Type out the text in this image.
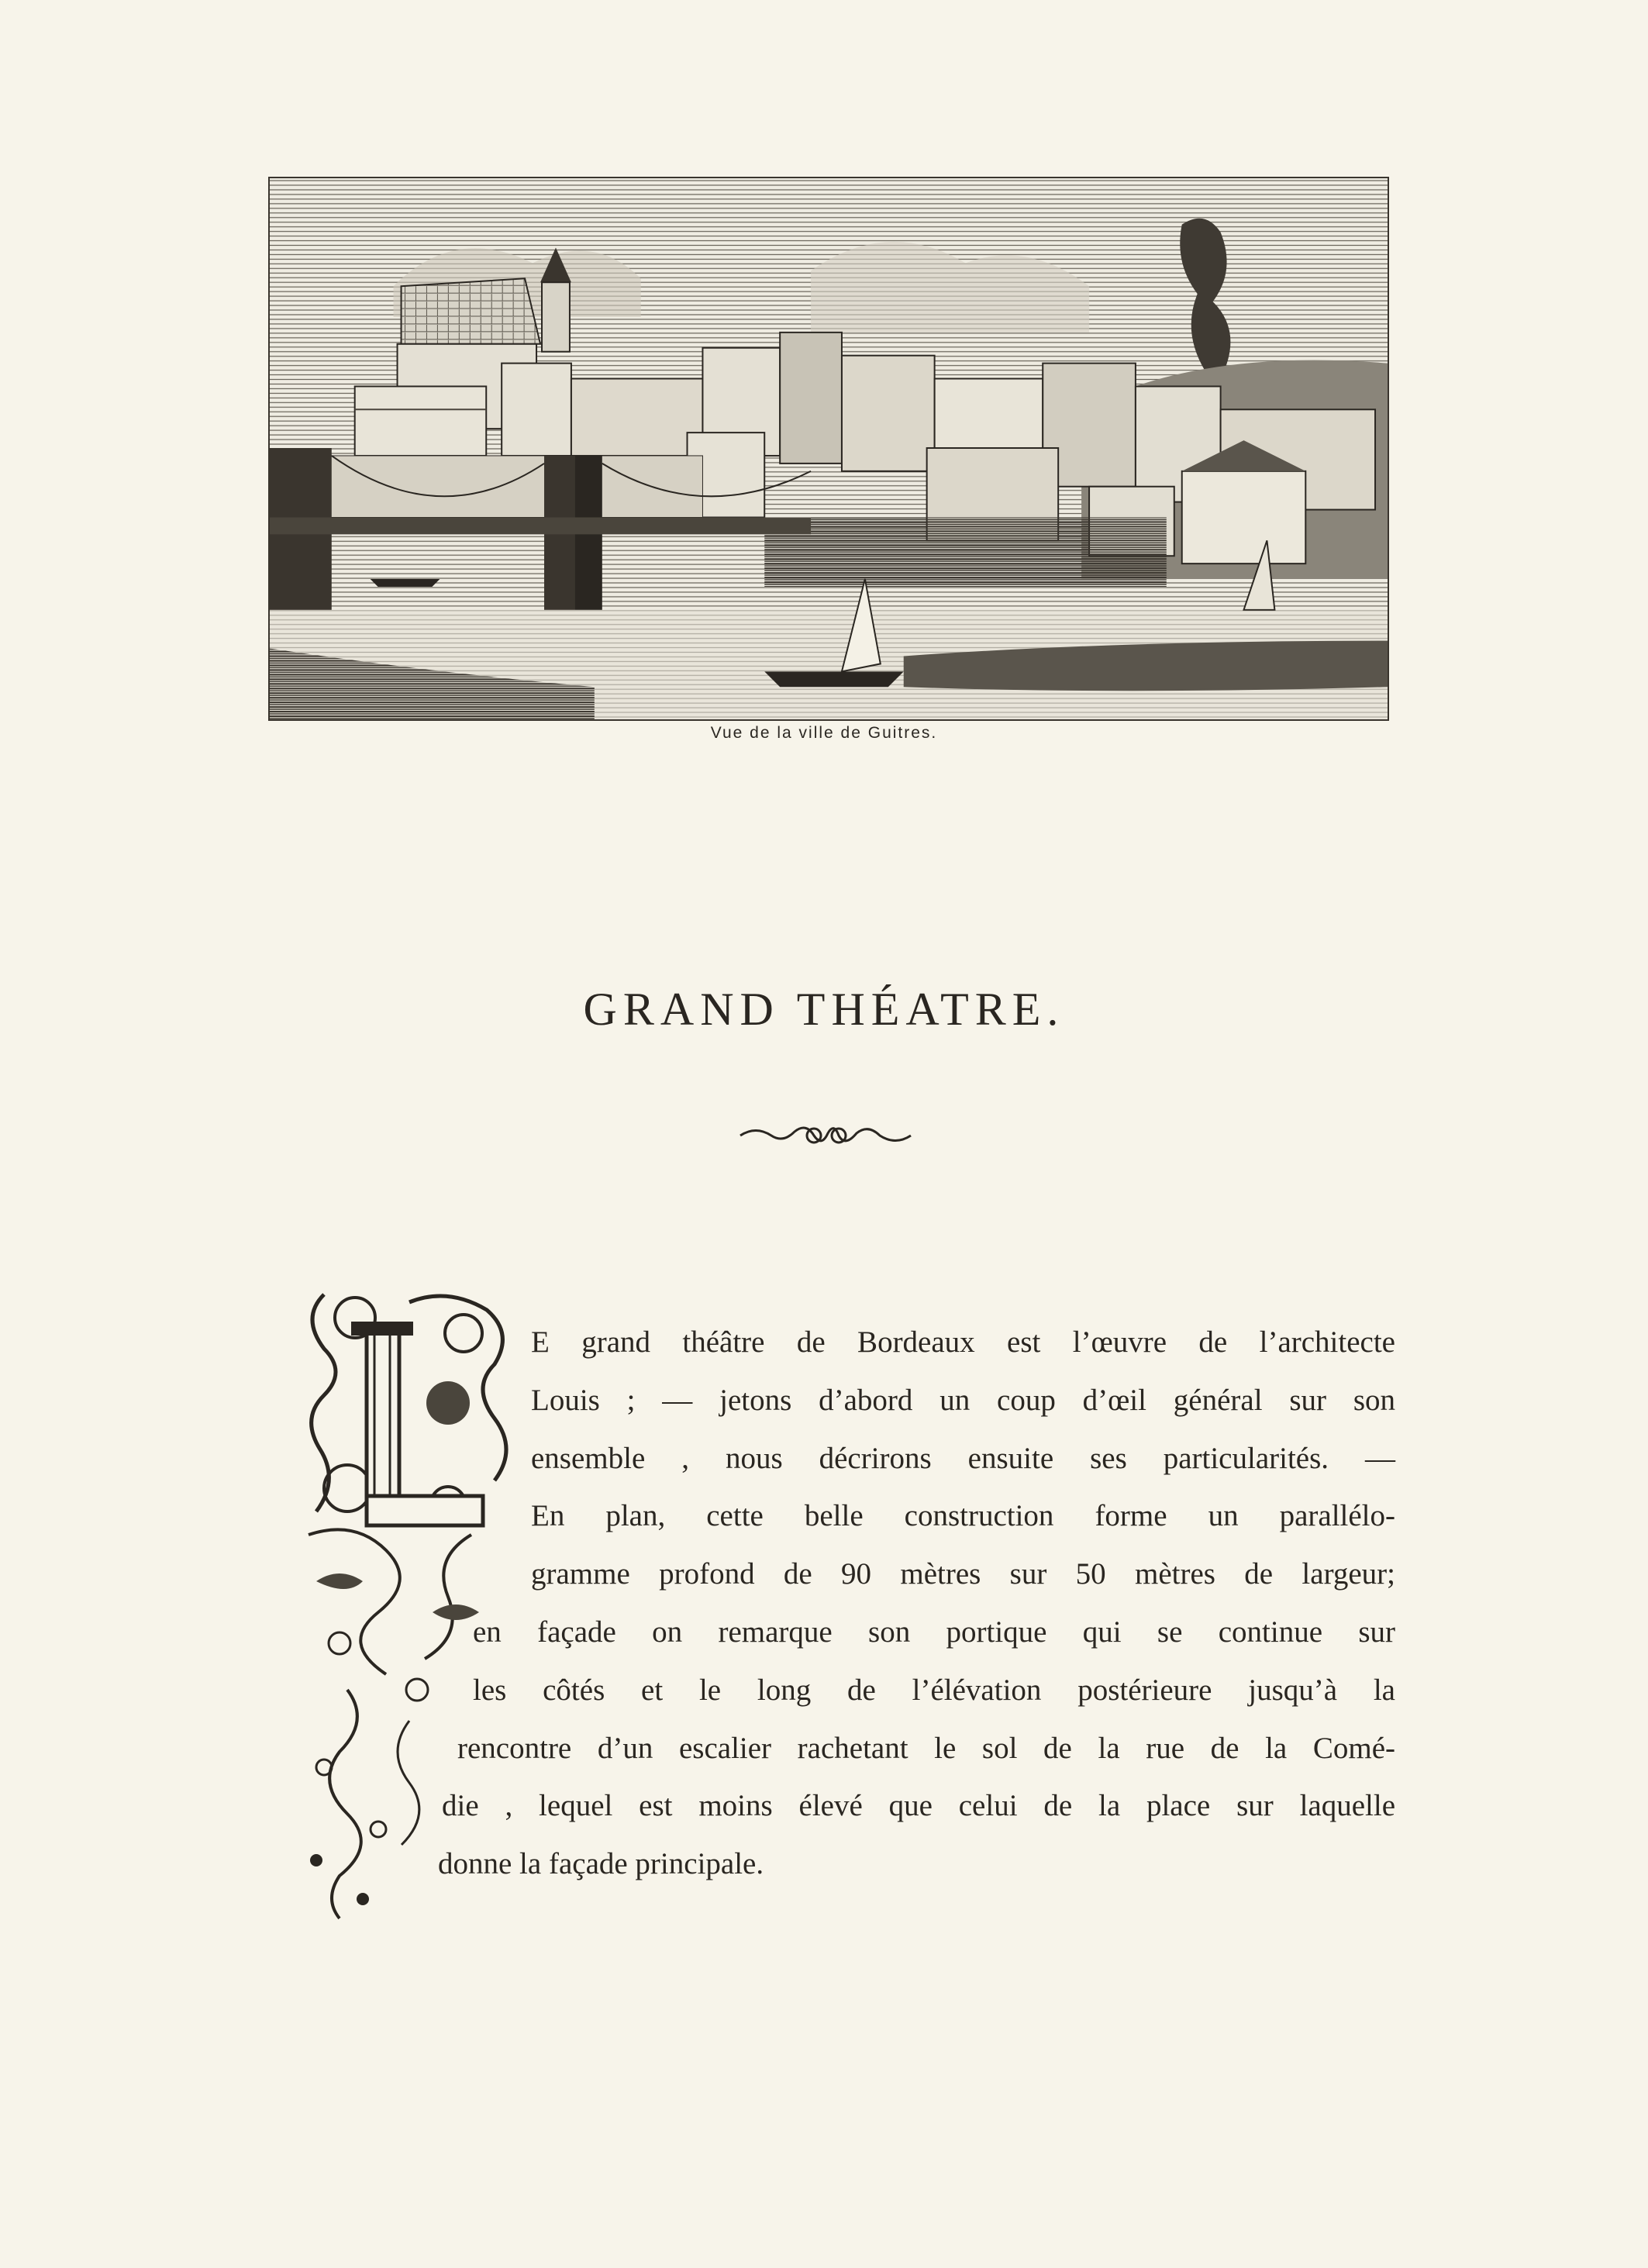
Vue de la ville de Guitres.
GRAND THÉATRE.
E grand théâtre de Bordeaux est l’œuvre de l’architecte
Louis ; — jetons d’abord un coup d’œil général sur son
ensemble , nous décrirons ensuite ses particularités. —
En plan, cette belle construction forme un parallélo-
gramme profond de 90 mètres sur 50 mètres de largeur;
en façade on remarque son portique qui se continue sur
les côtés et le long de l’élévation postérieure jusqu’à la
rencontre d’un escalier rachetant le sol de la rue de la Comé-
die , lequel est moins élevé que celui de la place sur laquelle
donne la façade principale.
